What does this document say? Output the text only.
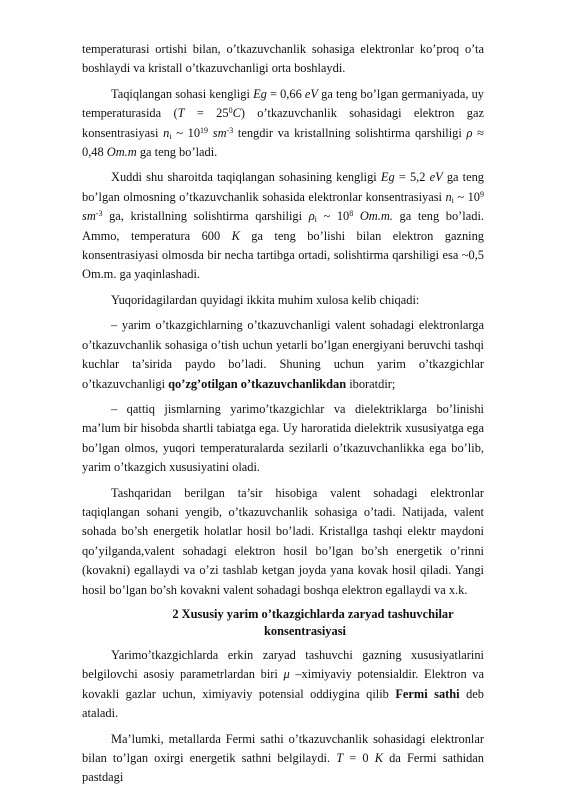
temperaturasi ortishi bilan, o’tkazuvchanlik sohasiga elektronlar ko’proq o’ta boshlaydi va kristall o’tkazuvchanligi orta boshlaydi.

Taqiqlangan sohasi kengligi Eg = 0,66 eV ga teng bo’lgan germaniyada, uy temperaturasida $(T = 25^0C)$ o’tkazuvchanlik sohasidagi elektron gaz konsentrasiyasi $n_i$ ~ $10^{19}$ $sm^{-3}$ tengdir va kristallning solishtirma qarshiligi ρ ≈ 0,48 Om.m ga teng bo’ladi.

Xuddi shu sharoitda taqiqlangan sohasining kengligi Eg = 5,2 eV ga teng bo’lgan olmosning o’tkazuvchanlik sohasida elektronlar konsentrasiyasi $n_i$ ~ $10^9$ $sm^{-3}$ ga, kristallning solishtirma qarshiligi $\rho_i$ ~ $10^8$ Om.m. ga teng bo’ladi. Ammo, temperatura 600 K ga teng bo’lishi bilan elektron gazning konsentrasiyasi olmosda bir necha tartibga ortadi, solishtirma qarshiligi esa ~0,5 Om.m. ga yaqinlashadi.

Yuqoridagilardan quyidagi ikkita muhim xulosa kelib chiqadi:

– yarim o’tkazgichlarning o’tkazuvchanligi valent sohadagi elektronlarga o’tkazuvchanlik sohasiga o’tish uchun yetarli bo’lgan energiyani beruvchi tashqi kuchlar ta’sirida paydo bo’ladi. Shuning uchun yarim o’tkazgichlar o’tkazuvchanligi qo’zg’otilgan o’tkazuvchanlikdan iboratdir;

– qattiq jismlarning yarimo’tkazgichlar va dielektriklarga bo’linishi ma’lum bir hisobda shartli tabiatga ega. Uy haroratida dielektrik xususiyatga ega bo’lgan olmos, yuqori temperaturalarda sezilarli o’tkazuvchanlikka ega bo’lib, yarim o’tkazgich xususiyatini oladi.

Tashqaridan berilgan ta’sir hisobiga valent sohadagi elektronlar taqiqlangan sohani yengib, o’tkazuvchanlik sohasiga o’tadi. Natijada, valent sohada bo’sh energetik holatlar hosil bo’ladi. Kristallga tashqi elektr maydoni qo’yilganda,valent sohadagi elektron hosil bo’lgan bo’sh energetik o’rinni (kovakni) egallaydi va o’zi tashlab ketgan joyda yana kovak hosil qiladi. Yangi hosil bo’lgan bo’sh kovakni valent sohadagi boshqa elektron egallaydi va x.k.

2 Xususiy yarim o’tkazgichlarda zaryad tashuvchilar
konsentrasiyasi

Yarimo’tkazgichlarda erkin zaryad tashuvchi gazning xususiyatlarini belgilovchi asosiy parametrlardan biri μ –ximiyaviy potensialdir. Elektron va kovakli gazlar uchun, ximiyaviy potensial oddiygina qilib Fermi sathi deb ataladi.

Ma’lumki, metallarda Fermi sathi o’tkazuvchanlik sohasidagi elektronlar bilan to’lgan oxirgi energetik sathni belgilaydi. T = 0 K da Fermi sathidan pastdagi
